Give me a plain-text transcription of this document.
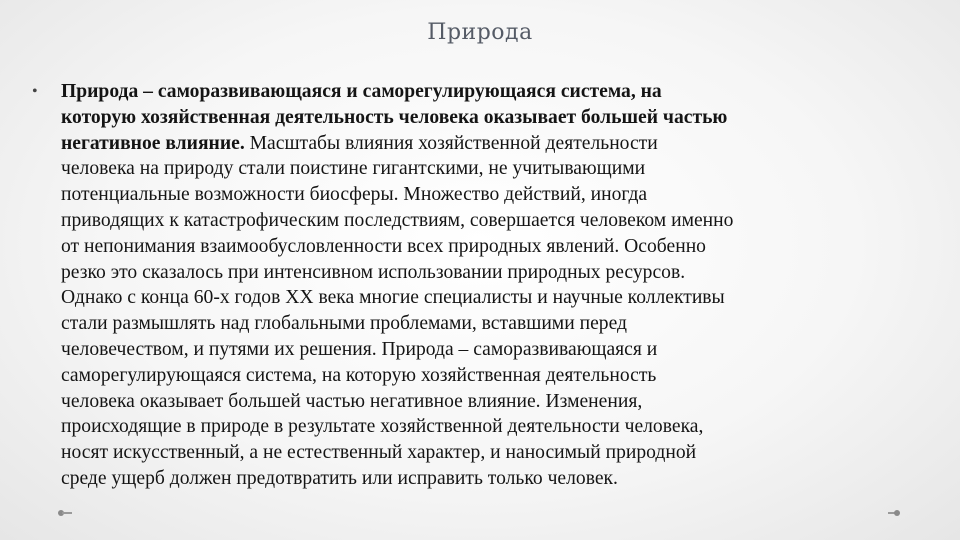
Природа
• Природа – саморазвивающаяся и саморегулирующаяся система, на
которую хозяйственная деятельность человека оказывает большей частью
негативное влияние. Масштабы влияния хозяйственной деятельности
человека на природу стали поистине гигантскими, не учитывающими
потенциальные возможности биосферы. Множество действий, иногда
приводящих к катастрофическим последствиям, совершается человеком именно
от непонимания взаимообусловленности всех природных явлений. Особенно
резко это сказалось при интенсивном использовании природных ресурсов.
Однако с конца 60-х годов XX века многие специалисты и научные коллективы
стали размышлять над глобальными проблемами, вставшими перед
человечеством, и путями их решения. Природа – саморазвивающаяся и
саморегулирующаяся система, на которую хозяйственная деятельность
человека оказывает большей частью негативное влияние. Изменения,
происходящие в природе в результате хозяйственной деятельности человека,
носят искусственный, а не естественный характер, и наносимый природной
среде ущерб должен предотвратить или исправить только человек.
